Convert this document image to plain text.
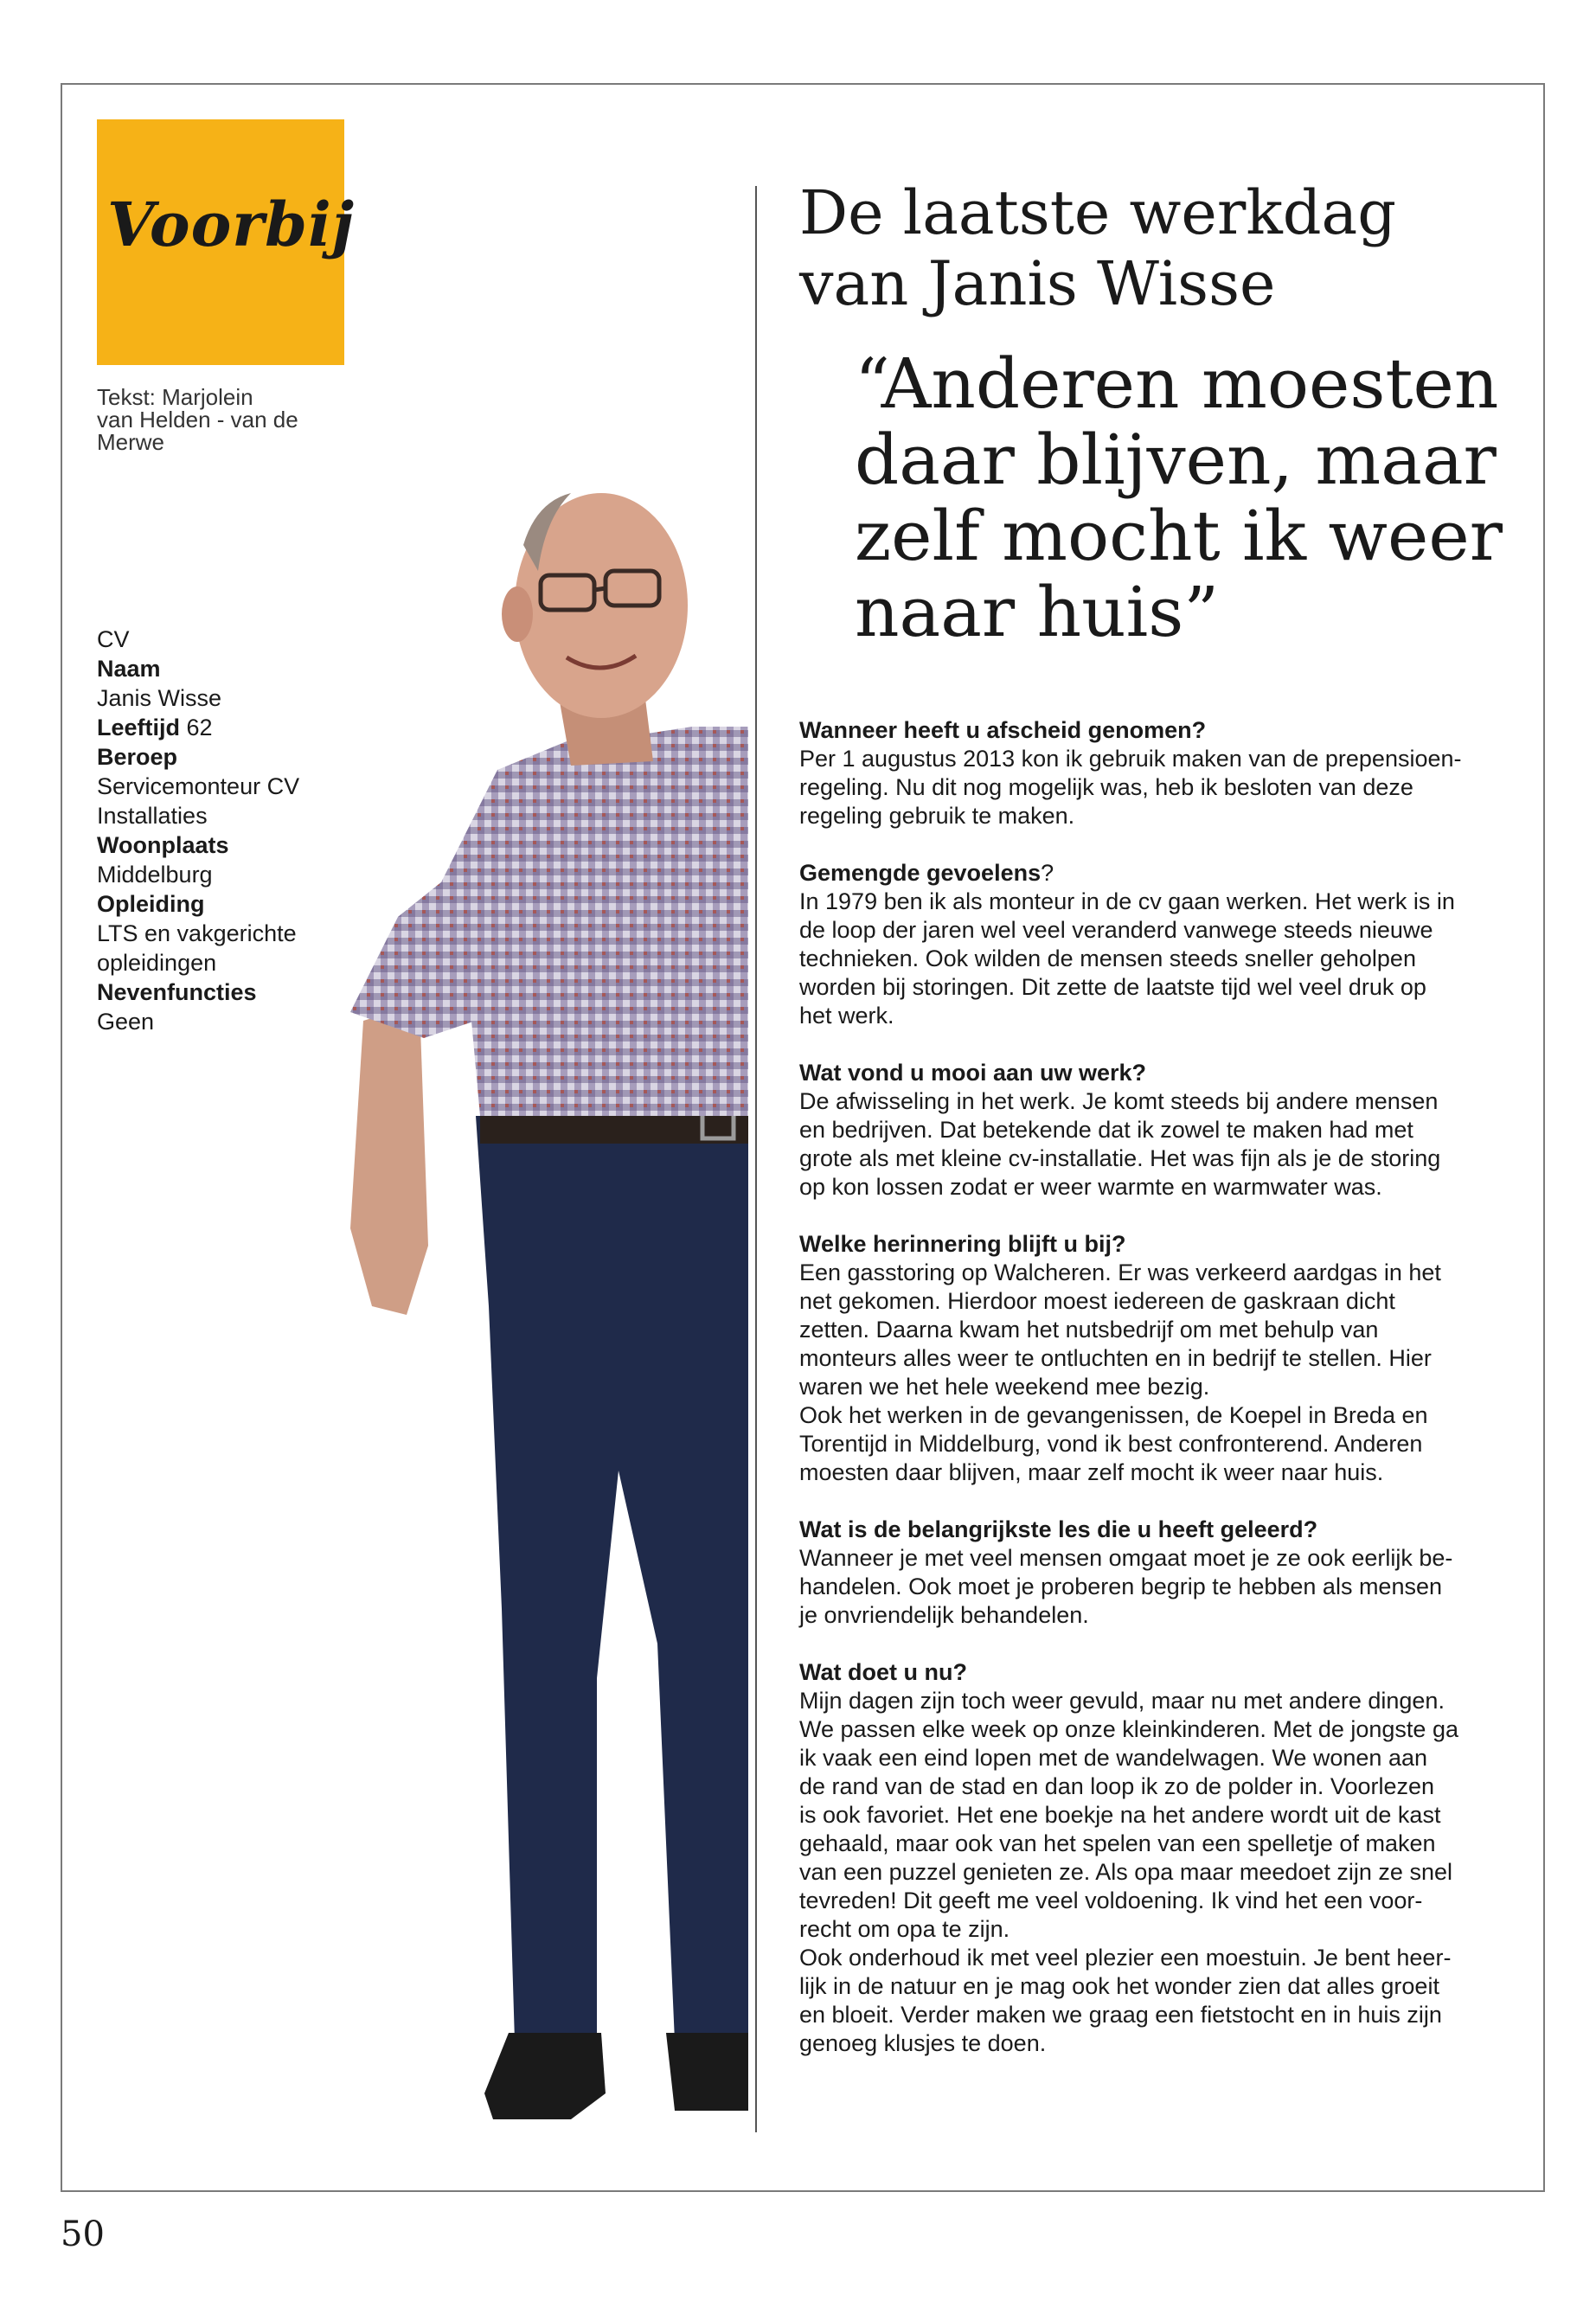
Voorbij
Tekst: Marjolein
van Helden - van de
Merwe
CV
Naam
Janis Wisse
Leeftijd 62
Beroep
Servicemonteur CV
Installaties
Woonplaats
Middelburg
Opleiding
LTS en vakgerichte
opleidingen
Nevenfuncties
Geen
De laatste werkdag
van Janis Wisse
“Anderen moesten
daar blijven, maar
zelf mocht ik weer
naar huis”
Wanneer heeft u afscheid genomen?

Per 1 augustus 2013 kon ik gebruik maken van de prepensioen-

regeling. Nu dit nog mogelijk was, heb ik besloten van deze

regeling gebruik te maken.

Gemengde gevoelens?

In 1979 ben ik als monteur in de cv gaan werken. Het werk is in

de loop der jaren wel veel veranderd vanwege steeds nieuwe

technieken. Ook wilden de mensen steeds sneller geholpen

worden bij storingen. Dit zette de laatste tijd wel veel druk op

het werk.

Wat vond u mooi aan uw werk?

De afwisseling in het werk. Je komt steeds bij andere mensen

en bedrijven. Dat betekende dat ik zowel te maken had met

grote als met kleine cv-installatie. Het was fijn als je de storing

op kon lossen zodat er weer warmte en warmwater was.

Welke herinnering blijft u bij?

Een gasstoring op Walcheren. Er was verkeerd aardgas in het

net gekomen. Hierdoor moest iedereen de gaskraan dicht

zetten. Daarna kwam het nutsbedrijf om met behulp van

monteurs alles weer te ontluchten en in bedrijf te stellen. Hier

waren we het hele weekend mee bezig.

Ook het werken in de gevangenissen, de Koepel in Breda en

Torentijd in Middelburg, vond ik best confronterend. Anderen

moesten daar blijven, maar zelf mocht ik weer naar huis.

Wat is de belangrijkste les die u heeft geleerd?

Wanneer je met veel mensen omgaat moet je ze ook eerlijk be-

handelen. Ook moet je proberen begrip te hebben als mensen

je onvriendelijk behandelen.

Wat doet u nu?

Mijn dagen zijn toch weer gevuld, maar nu met andere dingen.

We passen elke week op onze kleinkinderen. Met de jongste ga

ik vaak een eind lopen met de wandelwagen. We wonen aan

de rand van de stad en dan loop ik zo de polder in. Voorlezen

is ook favoriet. Het ene boekje na het andere wordt uit de kast

gehaald, maar ook van het spelen van een spelletje of maken

van een puzzel genieten ze. Als opa maar meedoet zijn ze snel

tevreden! Dit geeft me veel voldoening. Ik vind het een voor-

recht om opa te zijn.

Ook onderhoud ik met veel plezier een moestuin. Je bent heer-

lijk in de natuur en je mag ook het wonder zien dat alles groeit

en bloeit. Verder maken we graag een fietstocht en in huis zijn

genoeg klusjes te doen.

50
